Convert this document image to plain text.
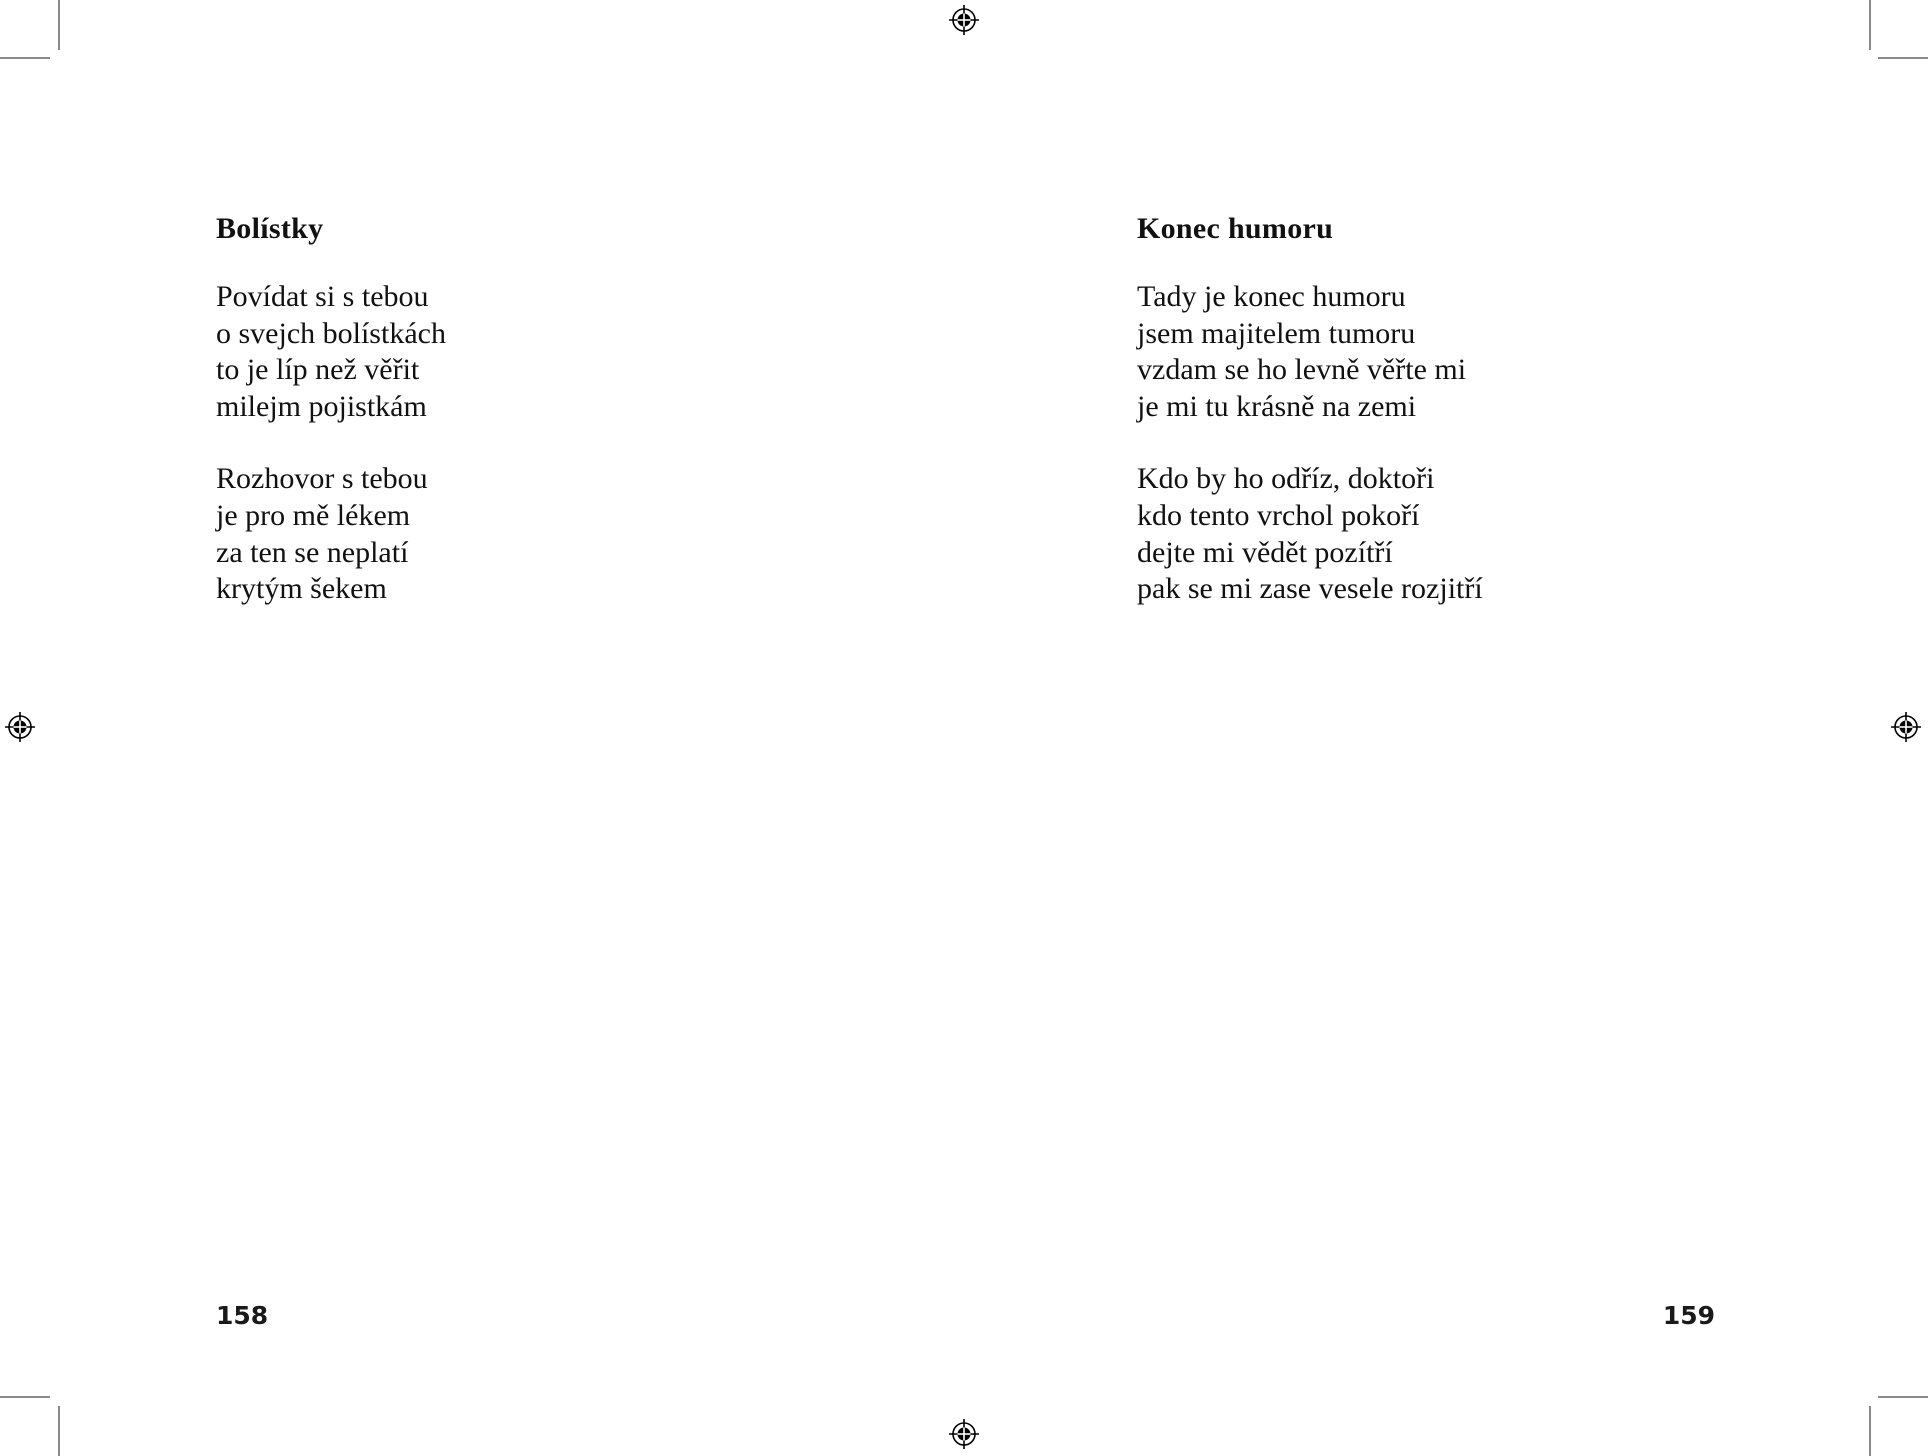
Bolístky
Povídat si s tebou
o svejch bolístkách
to je líp než věřit
milejm pojistkám
Rozhovor s tebou
je pro mě lékem
za ten se neplatí
krytým šekem
158
Konec humoru
Tady je konec humoru
jsem majitelem tumoru
vzdam se ho levně věřte mi
je mi tu krásně na zemi
Kdo by ho odříz, doktoři
kdo tento vrchol pokoří
dejte mi vědět pozítří
pak se mi zase vesele rozjitří
159
